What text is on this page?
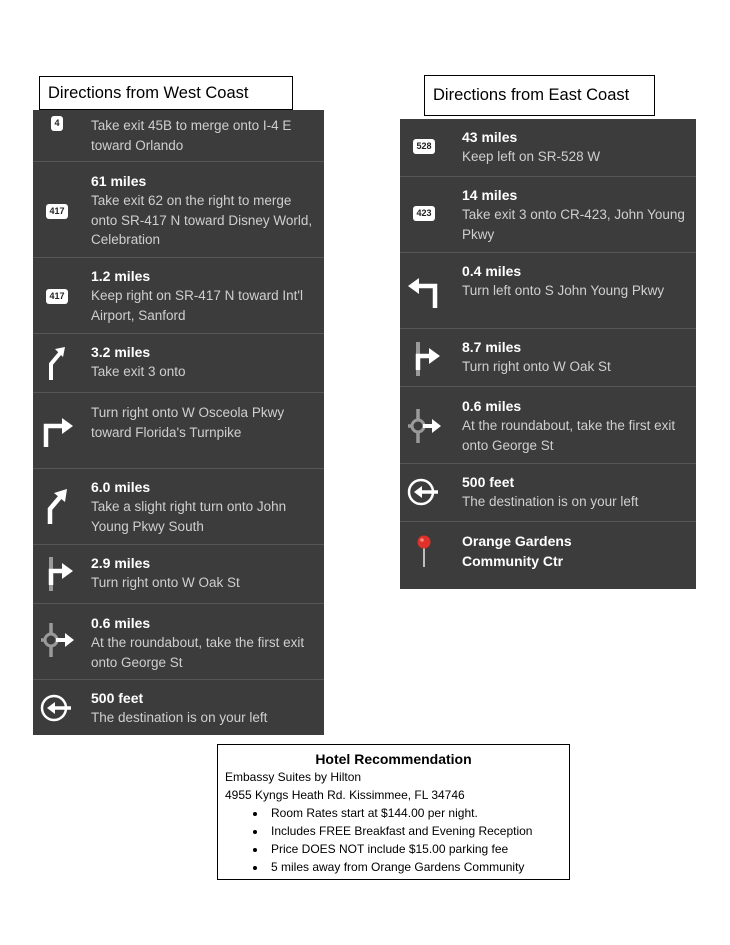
Directions from West Coast
4 Take exit 45B to merge onto I-4 E toward Orlando
417
61 miles
Take exit 62 on the right to merge onto SR-417 N toward Disney World, Celebration
417
1.2 miles
Keep right on SR-417 N toward Int'l Airport, Sanford
3.2 miles
Take exit 3 onto
Turn right onto W Osceola Pkwy toward Florida's Turnpike
6.0 miles
Take a slight right turn onto John Young Pkwy South
2.9 miles
Turn right onto W Oak St
0.6 miles
At the roundabout, take the first exit onto George St
500 feet
The destination is on your left
Directions from East Coast
528
43 miles
Keep left on SR-528 W
423
14 miles
Take exit 3 onto CR-423, John Young Pkwy
0.4 miles
Turn left onto S John Young Pkwy
8.7 miles
Turn right onto W Oak St
0.6 miles
At the roundabout, take the first exit onto George St
500 feet
The destination is on your left
Orange Gardens Community Ctr
Hotel Recommendation
Embassy Suites by Hilton
4955 Kyngs Heath Rd. Kissimmee, FL 34746
• Room Rates start at $144.00 per night.
• Includes FREE Breakfast and Evening Reception
• Price DOES NOT include $15.00 parking fee
• 5 miles away from Orange Gardens Community
